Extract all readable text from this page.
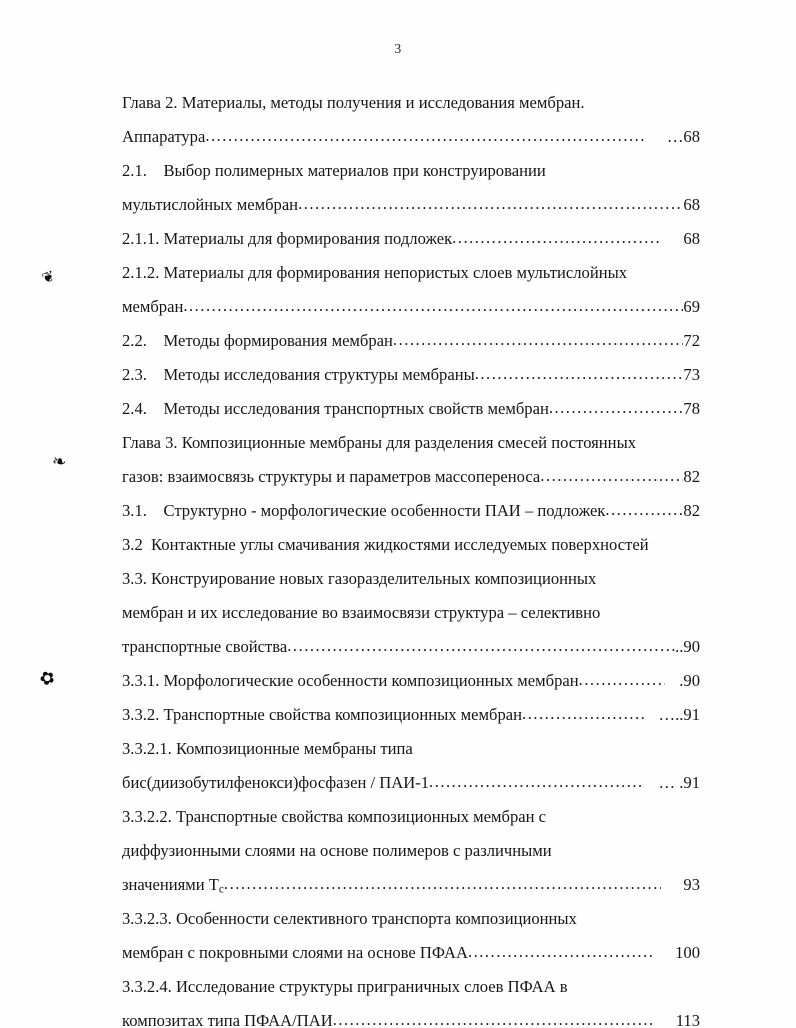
3
Глава 2. Материалы, методы получения и исследования мембран.
Аппаратура .....	…68
2.1. Выбор полимерных материалов при конструировании
мультислойных мембран .....	68
2.1.1. Материалы для формирования подложек .....	68
2.1.2. Материалы для формирования непористых слоев мультислойных
мембран .....	69
2.2. Методы формирования мембран .....	72
2.3. Методы исследования структуры мембраны .....	73
2.4. Методы исследования транспортных свойств мембран .....	78
Глава 3. Композиционные мембраны для разделения смесей постоянных
газов: взаимосвязь структуры и параметров массопереноса .....	82
3.1. Структурно - морфологические особенности ПАИ – подложек .....	82
3.2 Контактные углы смачивания жидкостями исследуемых поверхностей
3.3. Конструирование новых газоразделительных композиционных
мембран и их исследование во взаимосвязи структура – селективно
транспортные свойства .....	..90
3.3.1. Морфологические особенности композиционных мембран .....	.90
3.3.2. Транспортные свойства композиционных мембран .....	…..91
3.3.2.1. Композиционные мембраны типа
бис(диизобутилфенокси)фосфазен / ПАИ-1 .....	… .91
3.3.2.2. Транспортные свойства композиционных мембран с
диффузионными слоями на основе полимеров с различными
значениями $Т_с$ .....	93
3.3.2.3. Особенности селективного транспорта композиционных
мембран с покровными слоями на основе ПФАА .....	100
3.3.2.4. Исследование структуры приграничных слоев ПФАА в
композитах типа ПФАА/ПАИ .....	113
❦
❧
✿
